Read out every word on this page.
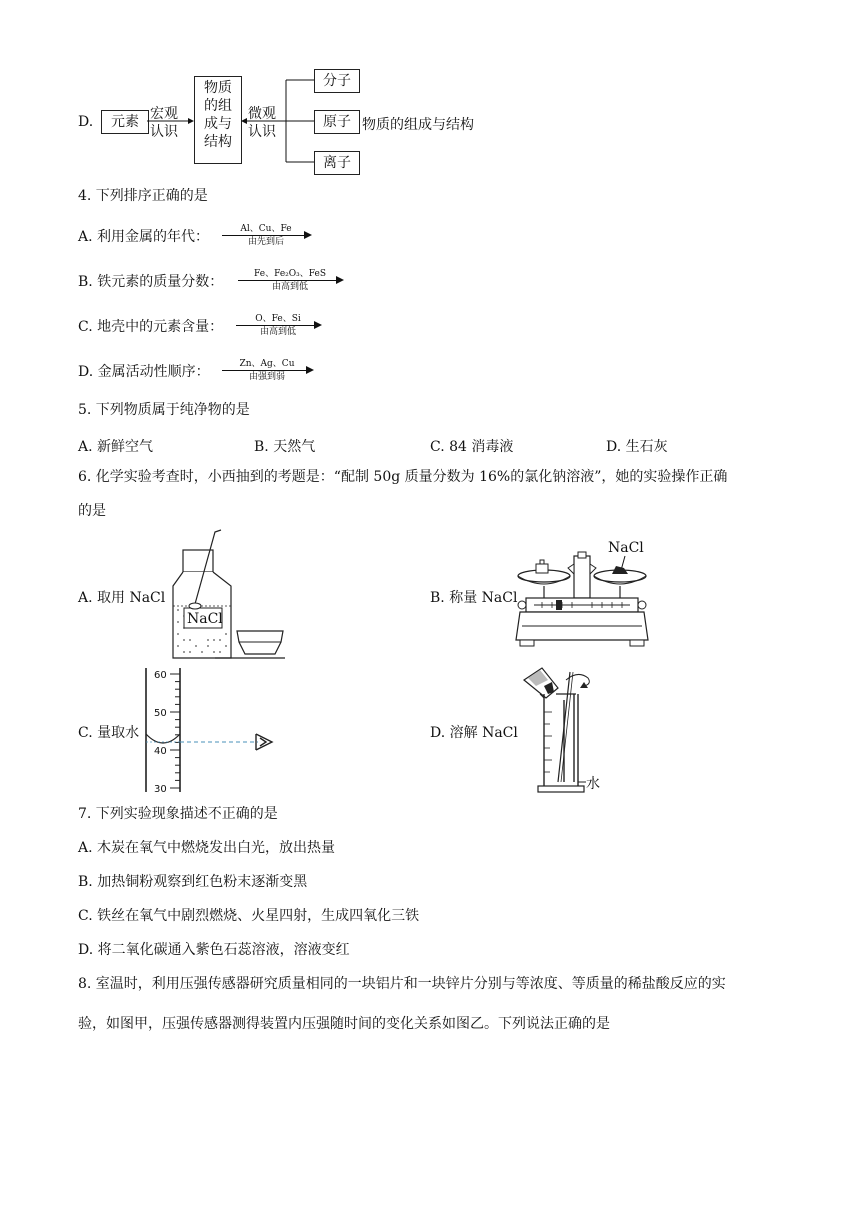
D.	元素 宏观
认识
物质
的组
成与
结构
微观
认识
分子
原子
离子
物质的组成与结构
4. 下列排序正确的是
A. 利用金属的年代：	Al、Cu、Fe
由先到后
B. 铁元素的质量分数：	Fe、Fe₂O₃、FeS
由高到低
C. 地壳中的元素含量：	O、Fe、Si
由高到低
D. 金属活动性顺序：	Zn、Ag、Cu
由强到弱
5. 下列物质属于纯净物的是
A. 新鲜空气	B. 天然气	C. 84 消毒液	D. 生石灰
6. 化学实验考查时，小西抽到的考题是：“配制 50g 质量分数为 16%的氯化钠溶液”，她的实验操作正确
的是
A. 取用 NaCl	B. 称量 NaCl
C. 量取水	D. 溶解 NaCl
NaCl
NaCl
60
50
40
30	水
7. 下列实验现象描述不正确的是
A. 木炭在氧气中燃烧发出白光，放出热量
B. 加热铜粉观察到红色粉末逐渐变黑
C. 铁丝在氧气中剧烈燃烧、火星四射，生成四氧化三铁
D. 将二氧化碳通入紫色石蕊溶液，溶液变红
8. 室温时，利用压强传感器研究质量相同的一块铝片和一块锌片分别与等浓度、等质量的稀盐酸反应的实
验，如图甲，压强传感器测得装置内压强随时间的变化关系如图乙。下列说法正确的是
